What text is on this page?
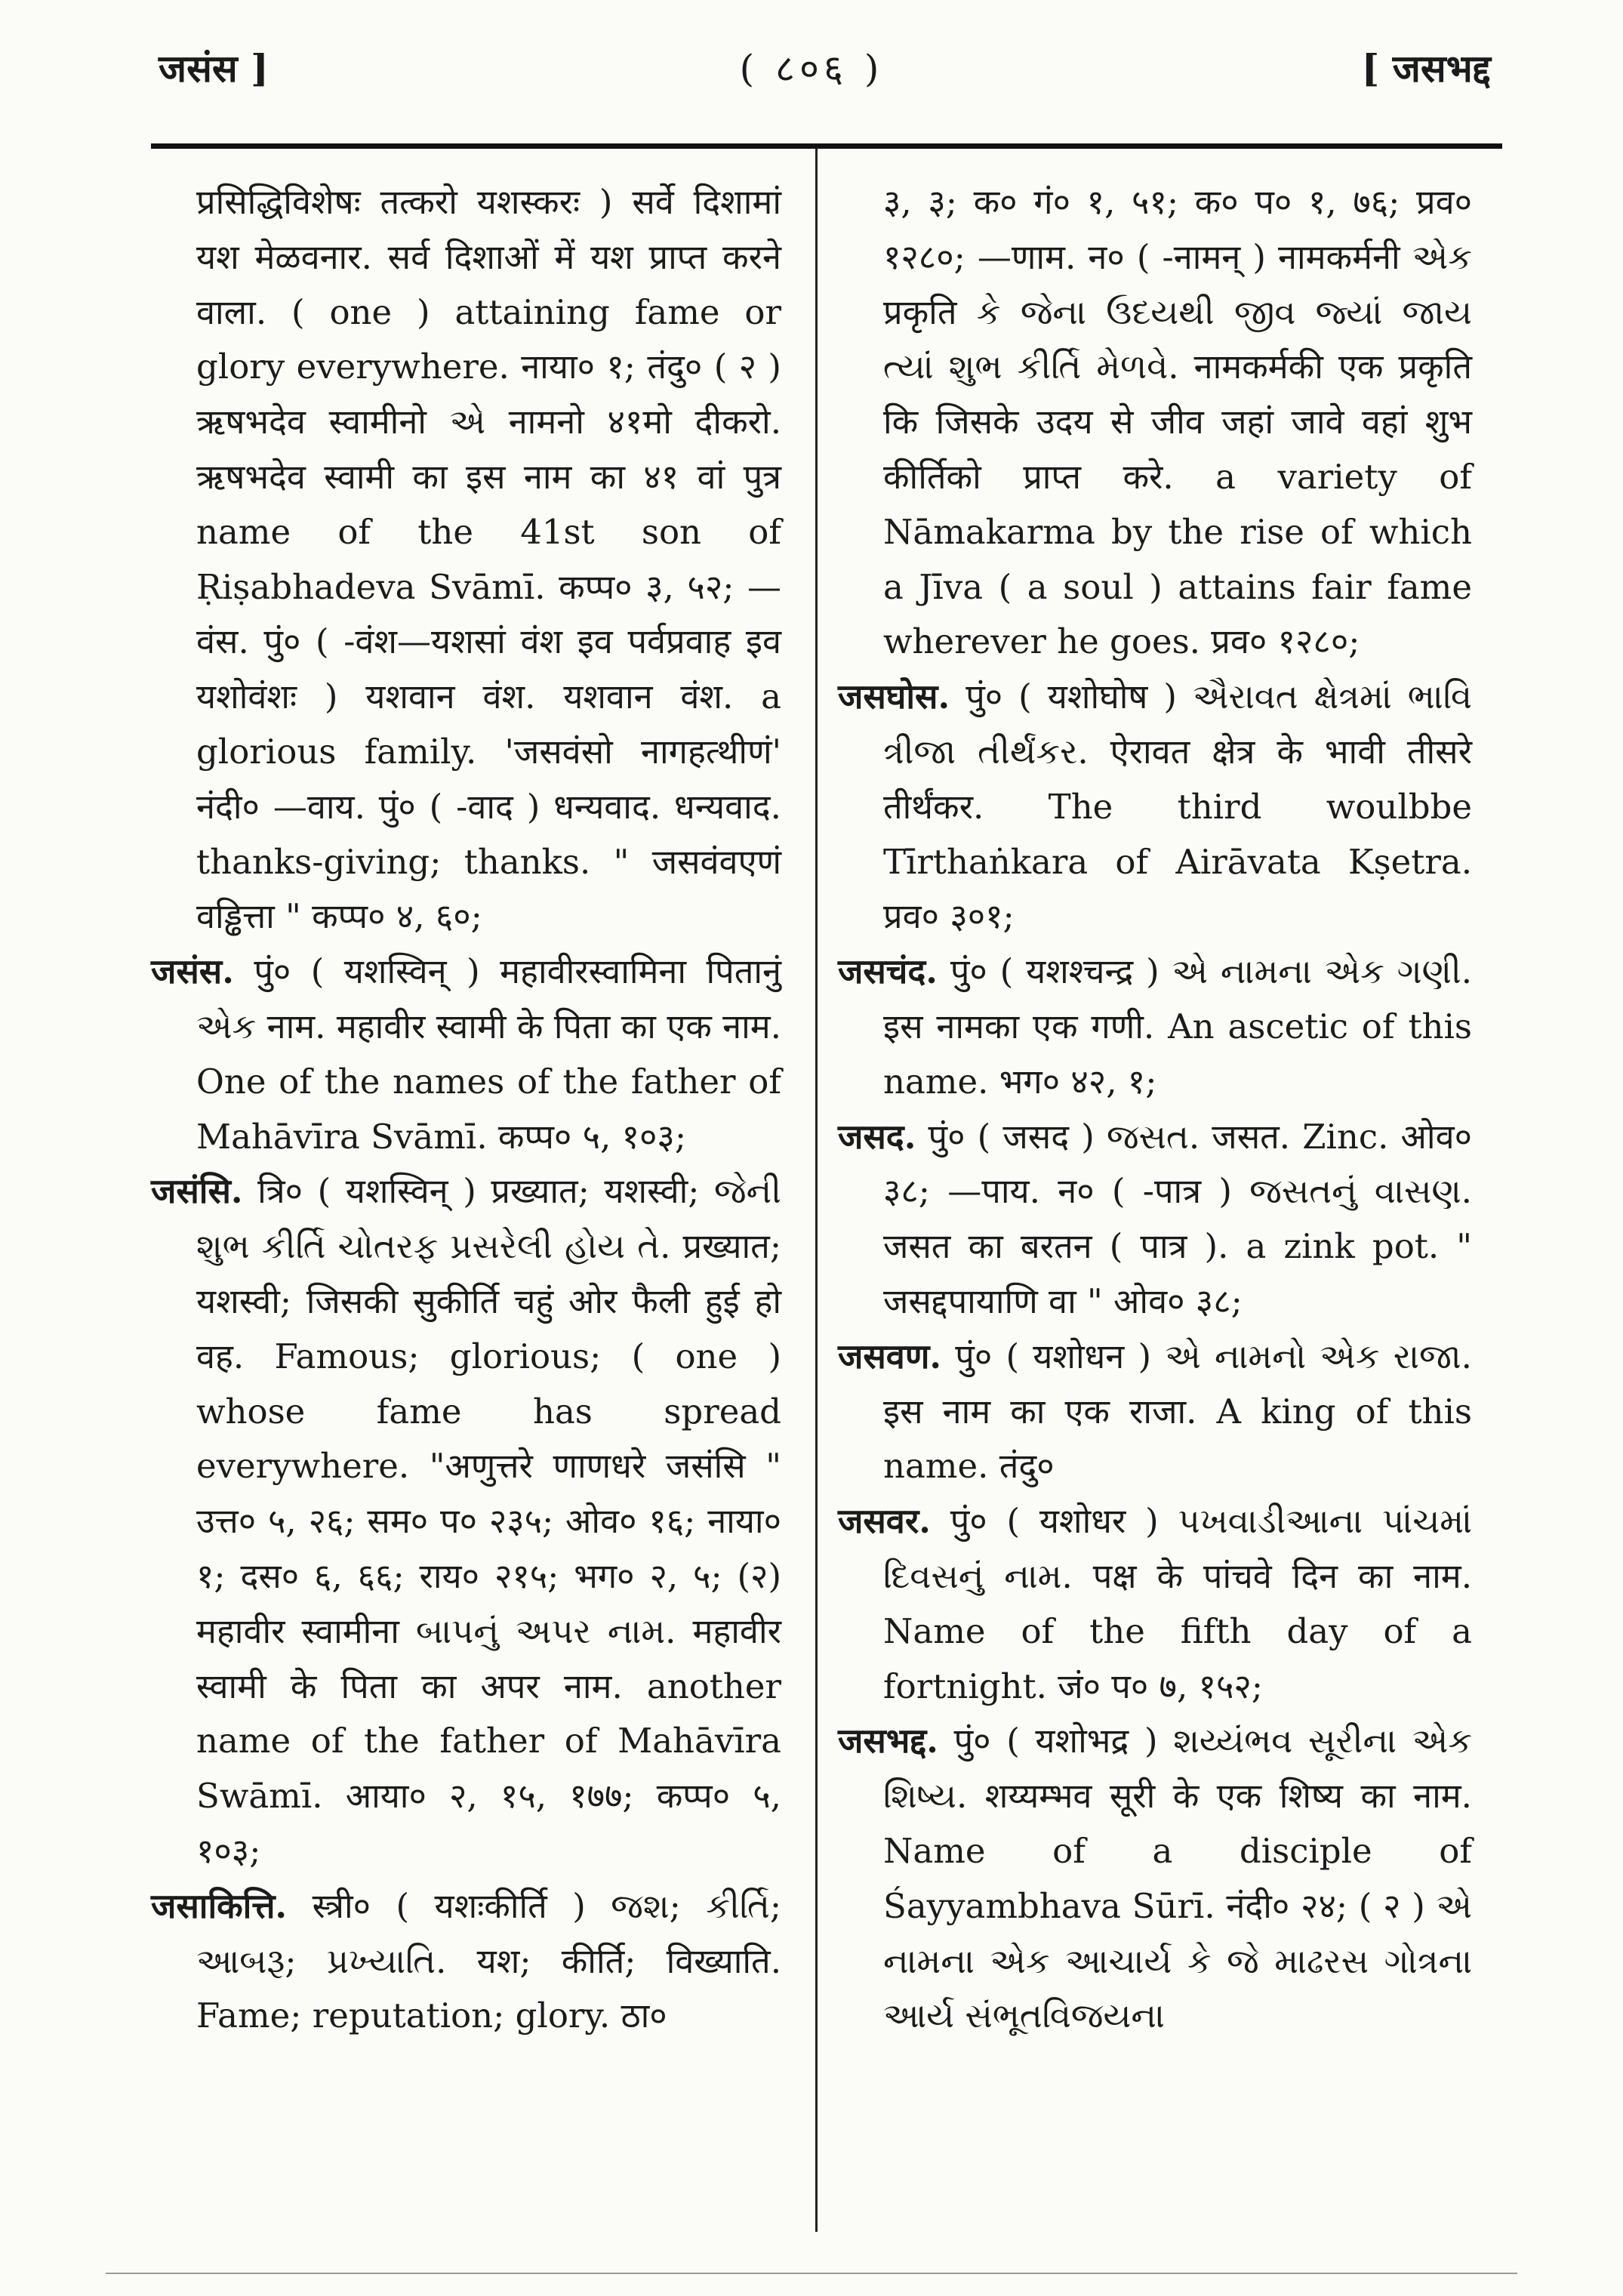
जसंस ]	( ८०६ )	[ जसभद्द

प्रसिद्धिविशेषः तत्करो यशस्करः ) सर्वे दिशामां यश मेळवनार. सर्व दिशाओं में यश प्राप्त करने वाला. ( one ) attaining fame or glory everywhere. नाया० १; तंदु० ( २ ) ऋषभदेव स्वामीनो એ नामनो ४१मो दीकरो. ऋषभदेव स्वामी का इस नाम का ४१ वां पुत्र name of the 41st son of Ṛiṣabhadeva Svāmī. कप्प० ३, ५२; —वंस. पुं० ( -वंश—यशसां वंश इव पर्वप्रवाह इव यशोवंशः ) यशवान वंश. यशवान वंश. a glorious family. 'जसवंसो नागहत्थीणं' नंदी० —वाय. पुं० ( -वाद ) धन्यवाद. धन्यवाद. thanks-giving; thanks. " जसवंवएणं वड्ढित्ता " कप्प० ४, ६०;

जसंस. पुं० ( यशस्विन् ) महावीरस्वामिना पितानुं એક नाम. महावीर स्वामी के पिता का एक नाम. One of the names of the father of Mahāvīra Svāmī. कप्प० ५, १०३;

जसंसि. त्रि० ( यशस्विन् ) प्रख्यात; यशस्वी; જેની શુભ કીર્તિ ચોતરફ પ્રસરેલી હોય તે. प्रख्यात; यशस्वी; जिसकी सुकीर्ति चहुं ओर फैली हुई हो वह. Famous; glorious; ( one ) whose fame has spread everywhere. "अणुत्तरे णाणधरे जसंसि " उत्त० ५, २६; सम० प० २३५; ओव० १६; नाया० १; दस० ६, ६६; राय० २१५; भग० २, ५; (२) महावीर स्वामीना બાપનું અપર નામ. महावीर स्वामी के पिता का अपर नाम. another name of the father of Mahāvīra Swāmī. आया० २, १५, १७७; कप्प० ५, १०३;

जसाकित्ति. स्त्री० ( यशःकीर्ति ) જશ; કીર્તિ; આબરૂ; પ્રખ્યાતિ. यश; कीर्ति; विख्याति. Fame; reputation; glory. ठा०

३, ३; क० गं० १, ५१; क० प० १, ७६; प्रव० १२८०; —णाम. न० ( -नामन् ) नामकर्मनी એક प्रकृति કે જેના ઉદયથી જીવ જ્યાં જાય ત્યાં શુભ કીર્તિ મેળવે. नामकर्मकी एक प्रकृति कि जिसके उदय से जीव जहां जावे वहां शुभ कीर्तिको प्राप्त करे. a variety of Nāmakarma by the rise of which a Jīva ( a soul ) attains fair fame wherever he goes. प्रव० १२८०;

जसघोस. पुं० ( यशोघोष ) ઐરાવત ક્ષેત્રમાં ભાવિ ત્રીજા તીર્થંકર. ऐरावत क्षेत्र के भावी तीसरे तीर्थंकर. The third woulbbe Tīrthaṅkara of Airāvata Kṣetra. प्रव० ३०१;

जसचंद. पुं० ( यशश्चन्द्र ) એ નામના એક ગણી. इस नामका एक गणी. An ascetic of this name. भग० ४२, १;

जसद. पुं० ( जसद ) જસત. जसत. Zinc. ओव० ३८; —पाय. न० ( -पात्र ) જસતનું વાસણ. जसत का बरतन ( पात्र ). a zink pot. " जसद्दपायाणि वा " ओव० ३८;

जसवण. पुं० ( यशोधन ) એ નામનો એક રાજા. इस नाम का एक राजा. A king of this name. तंदु०

जसवर. पुं० ( यशोधर ) પખવાડીઆના પાંચમાં દિવસનું નામ. पक्ष के पांचवे दिन का नाम. Name of the fifth day of a fortnight. जं० प० ७, १५२;

जसभद्द. पुं० ( यशोभद्र ) શય્યંભવ સૂરીના એક શિષ્ય. शय्यम्भव सूरी के एक शिष्य का नाम. Name of a disciple of Śayyambhava Sūrī. नंदी० २४; ( २ ) એ નામના એક આચાર્ય કે જે માઢરસ ગોત્રના આર્ય સંભૂતવિજયના
